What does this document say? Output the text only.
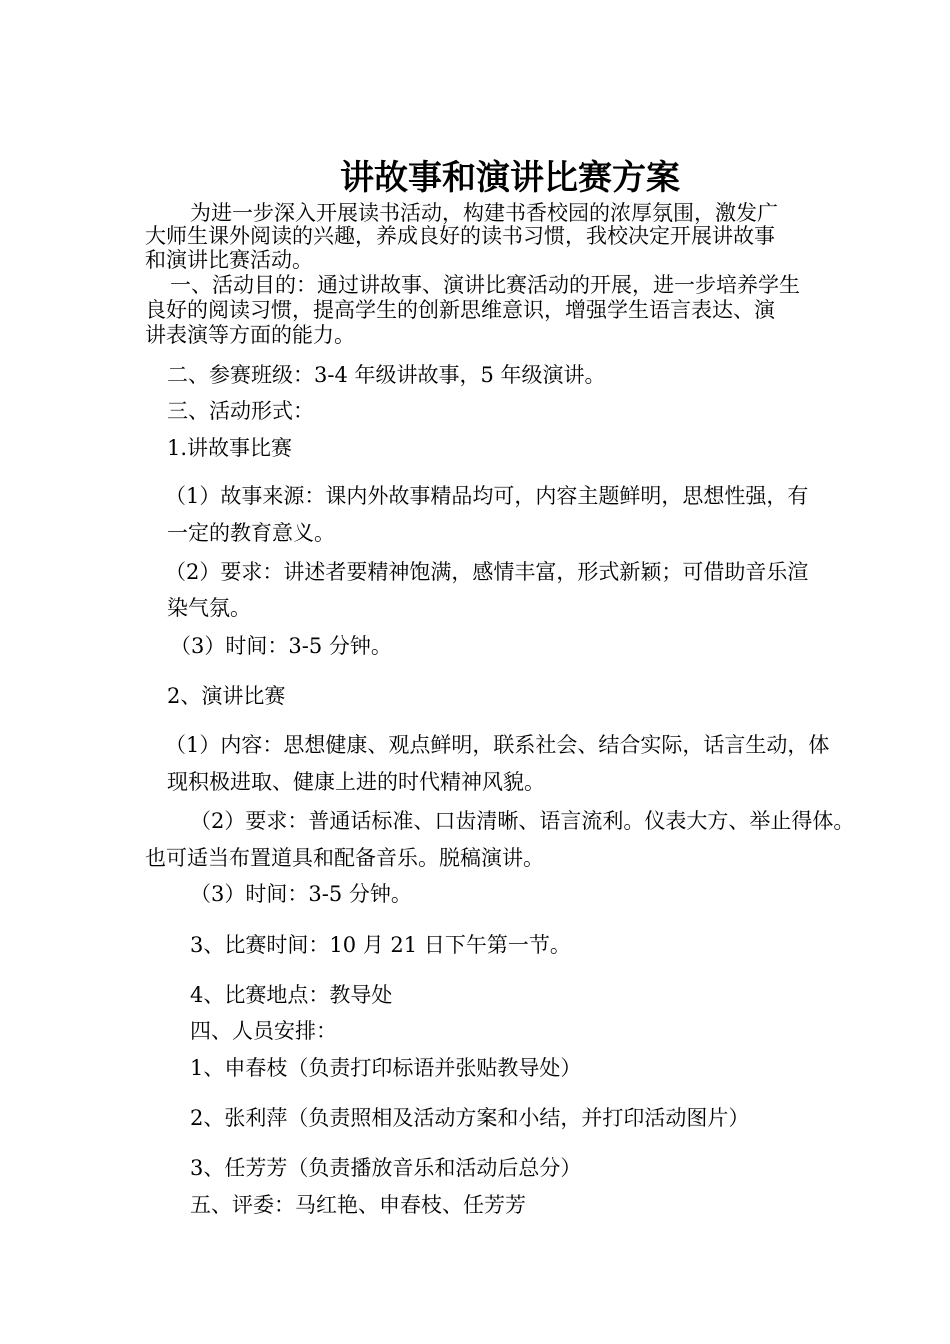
讲故事和演讲比赛方案
为进一步深入开展读书活动，构建书香校园的浓厚氛围，激发广
大师生课外阅读的兴趣，养成良好的读书习惯，我校决定开展讲故事
和演讲比赛活动。
一、活动目的：通过讲故事、演讲比赛活动的开展，进一步培养学生
良好的阅读习惯，提高学生的创新思维意识，增强学生语言表达、演
讲表演等方面的能力。
二、参赛班级：3-4 年级讲故事，5 年级演讲。
三、活动形式：
1.讲故事比赛
（1）故事来源：课内外故事精品均可，内容主题鲜明，思想性强，有
一定的教育意义。
（2）要求：讲述者要精神饱满，感情丰富，形式新颖；可借助音乐渲
染气氛。
（3）时间：3-5 分钟。
2、演讲比赛
（1）内容：思想健康、观点鲜明，联系社会、结合实际，话言生动，体
现积极进取、健康上进的时代精神风貌。
（2）要求：普通话标准、口齿清晰、语言流利。仪表大方、举止得体。
也可适当布置道具和配备音乐。脱稿演讲。
（3）时间：3-5 分钟。
3、比赛时间：10 月 21 日下午第一节。
4、比赛地点：教导处
四、人员安排：
1、申春枝（负责打印标语并张贴教导处）
2、张利萍（负责照相及活动方案和小结，并打印活动图片）
3、任芳芳（负责播放音乐和活动后总分）
五、评委：马红艳、申春枝、任芳芳
